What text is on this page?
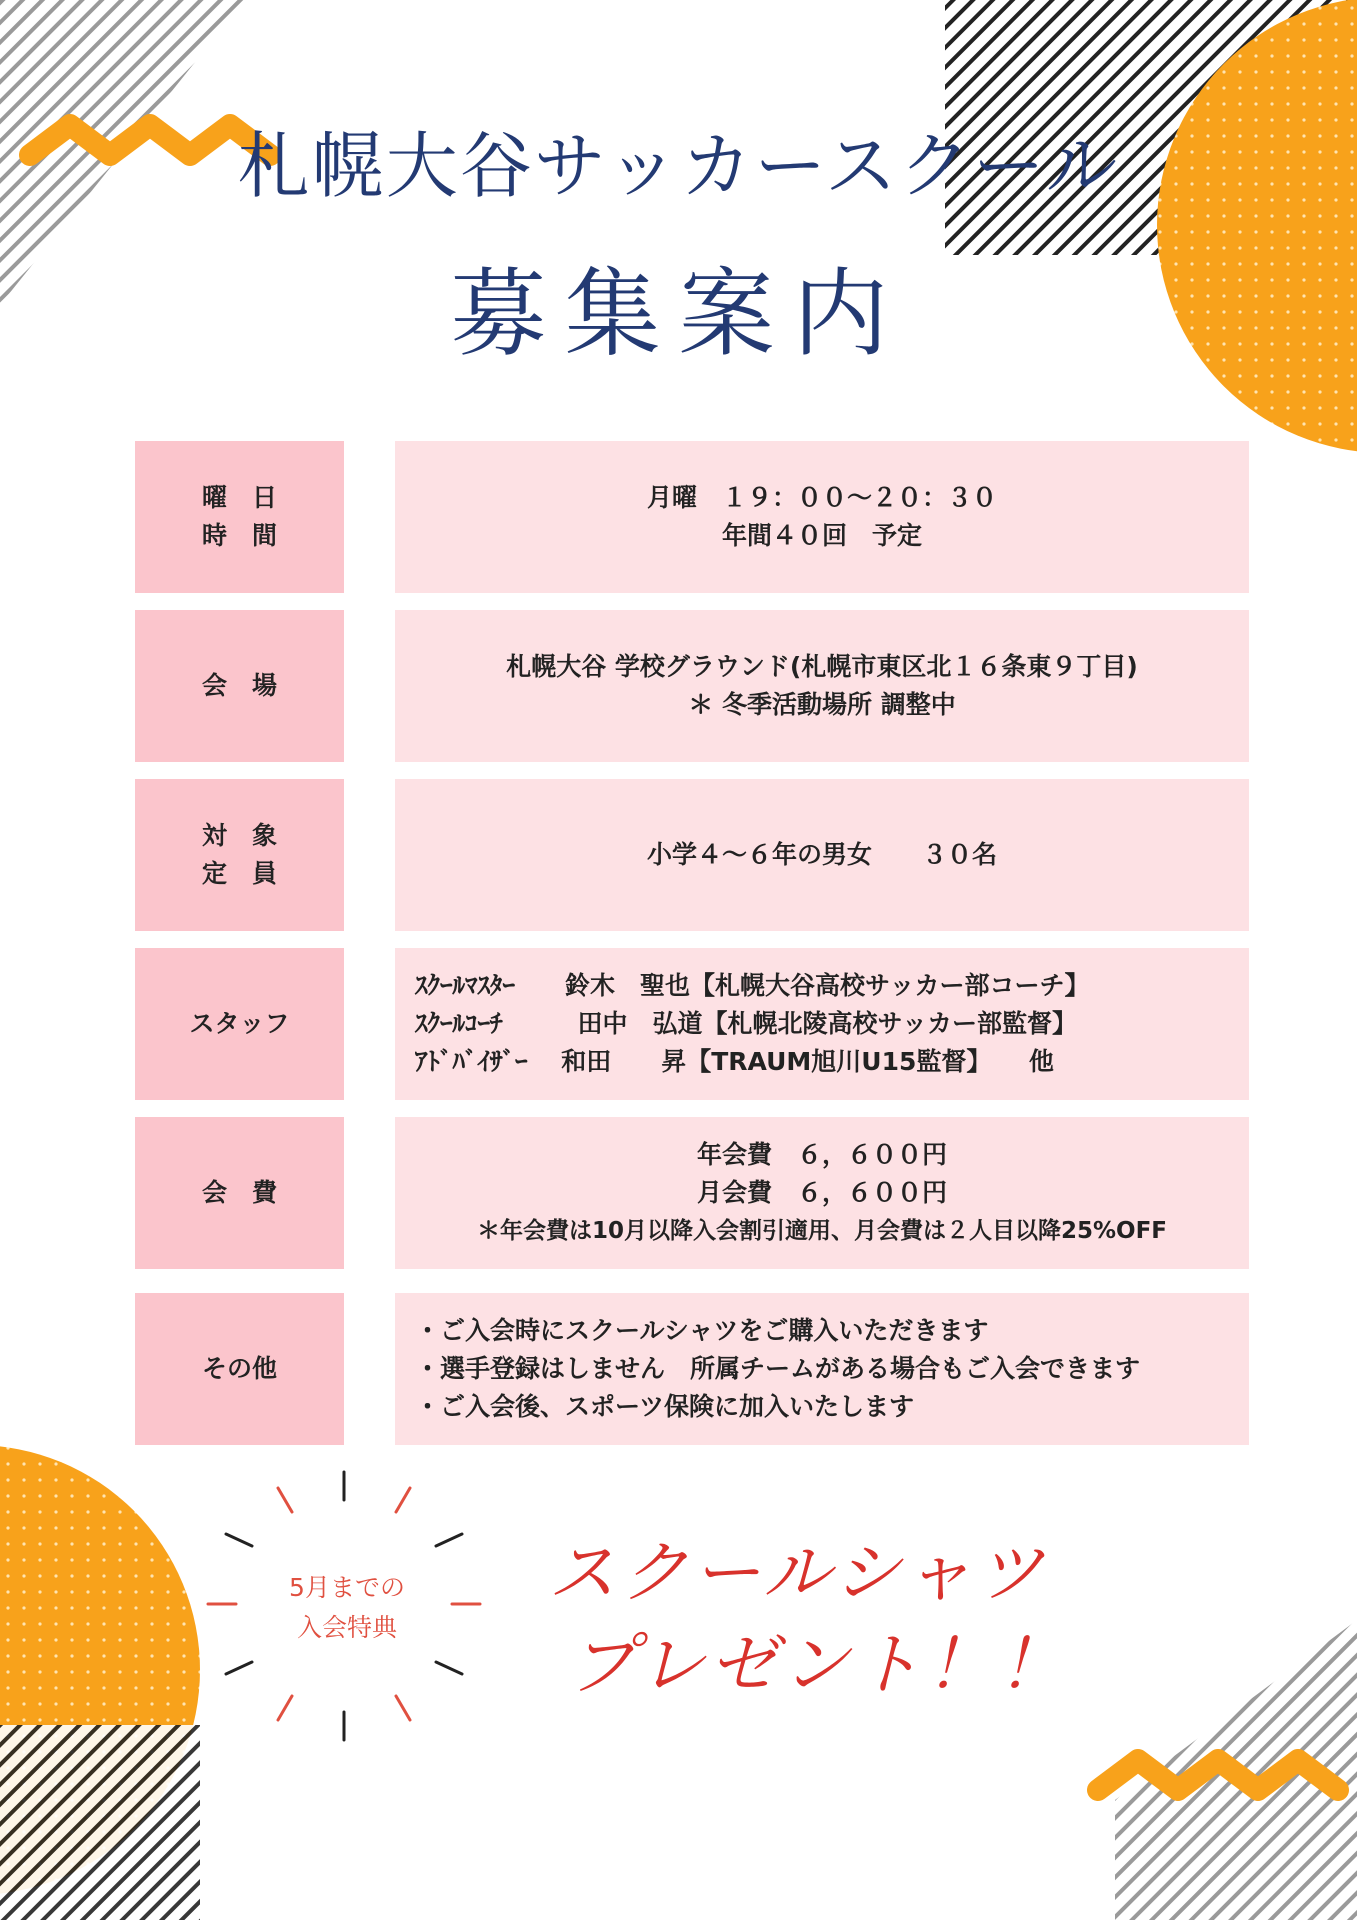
札幌大谷サッカースクール
募集案内
曜　日
時　間
月曜　１９：００～２０：３０
年間４０回　予定
会　場
札幌大谷 学校グラウンド(札幌市東区北１６条東９丁目)
＊ 冬季活動場所 調整中
対　象
定　員
小学４～６年の男女　　３０名
スタッフ
ｽｸｰﾙﾏｽﾀｰ　　鈴木　聖也【札幌大谷高校サッカー部コーチ】
ｽｸｰﾙｺｰﾁ　　　田中　弘道【札幌北陵高校サッカー部監督】
ｱﾄﾞﾊﾞｲｻﾞｰ　 和田　　昇【TRAUM旭川U15監督】　　他
会　費
年会費　６，６００円
月会費　６，６００円
＊年会費は10月以降入会割引適用、月会費は２人目以降25%OFF
その他
・ご入会時にスクールシャツをご購入いただきます
・選手登録はしません　所属チームがある場合もご入会できます
・ご入会後、スポーツ保険に加入いたします
5月までの
入会特典
スクールシャツ
プレゼント！！
